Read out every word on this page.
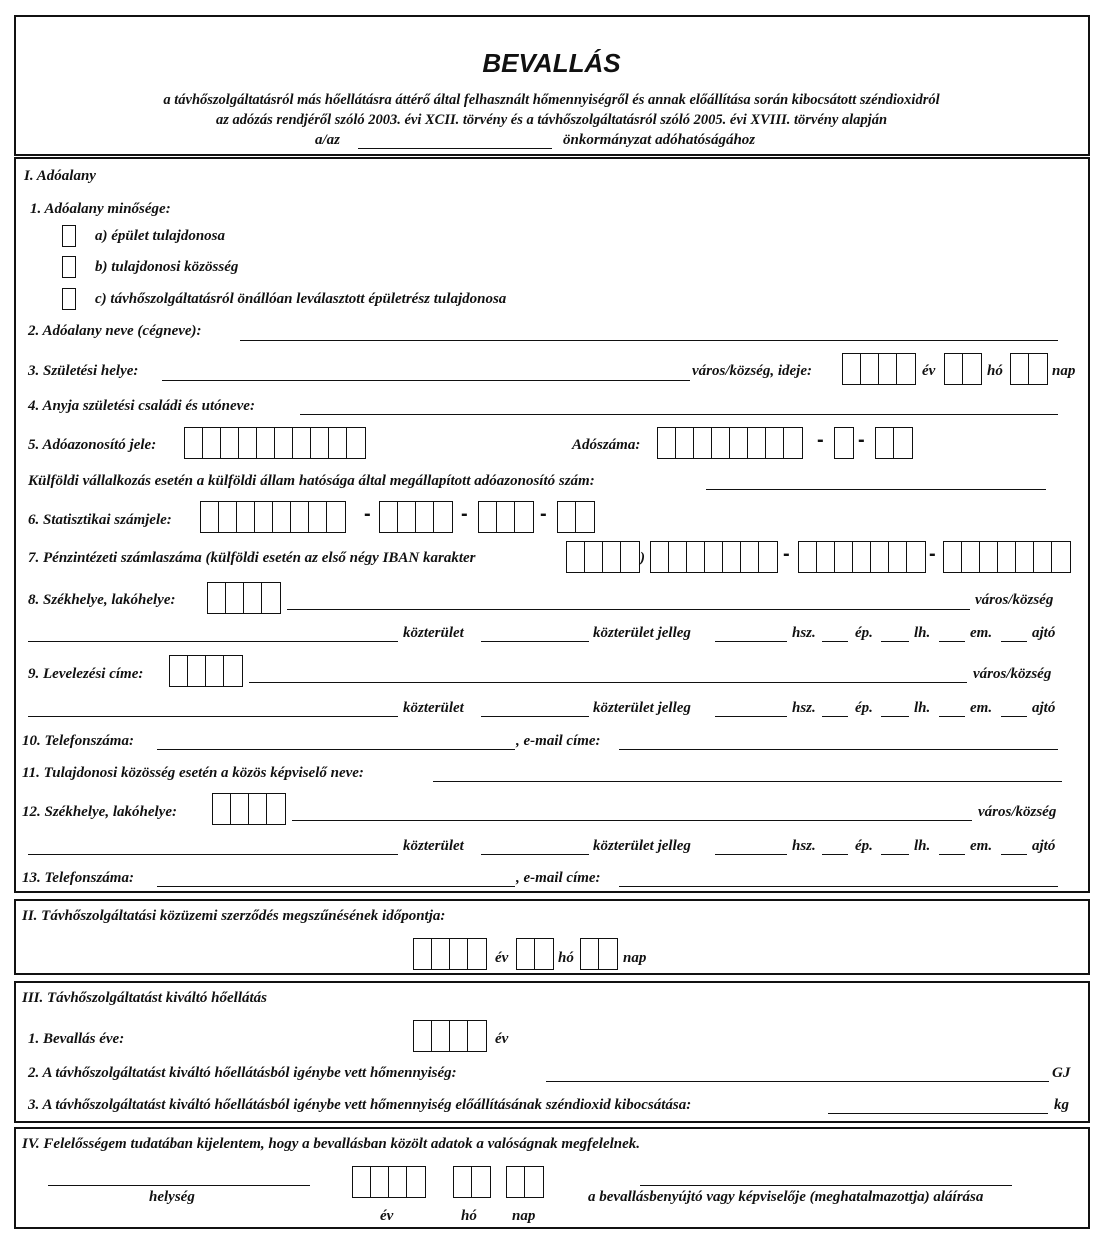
BEVALLÁS
a távhőszolgáltatásról más hőellátásra áttérő által felhasznált hőmennyiségről és annak előállítása során kibocsátott széndioxidról
az adózás rendjéről szóló 2003. évi XCII. törvény és a távhőszolgáltatásról szóló 2005. évi XVIII. törvény alapján
a/az	önkormányzat adóhatóságához
I. Adóalany
1. Adóalany minősége:
a) épület tulajdonosa
b) tulajdonosi közösség
c) távhőszolgáltatásról önállóan leválasztott épületrész tulajdonosa
2. Adóalany neve (cégneve):
3. Születési helye:	város/község, ideje:	év	hó	nap
4. Anyja születési családi és utóneve:
5. Adóazonosító jele:	Adószáma:	- -
Külföldi vállalkozás esetén a külföldi állam hatósága által megállapított adóazonosító szám:
6. Statisztikai számjele:	-	-	-
7. Pénzintézeti számlaszáma (külföldi esetén az első négy IBAN karakter	)	-	-
8. Székhelye, lakóhelye:	város/község
közterület	közterület jelleg	hsz.	ép.	lh.	em.	ajtó
9. Levelezési címe:	város/község
közterület	közterület jelleg	hsz.	ép.	lh.	em.	ajtó
10. Telefonszáma:	, e-mail címe:
11. Tulajdonosi közösség esetén a közös képviselő neve:
12. Székhelye, lakóhelye:	város/község
közterület	közterület jelleg	hsz.	ép.	lh.	em.	ajtó
13. Telefonszáma:	, e-mail címe:
II. Távhőszolgáltatási közüzemi szerződés megszűnésének időpontja:
év	hó	nap
III. Távhőszolgáltatást kiváltó hőellátás
1. Bevallás éve:	év
2. A távhőszolgáltatást kiváltó hőellátásból igénybe vett hőmennyiség:	GJ
3. A távhőszolgáltatást kiváltó hőellátásból igénybe vett hőmennyiség előállításának széndioxid kibocsátása:	kg
IV. Felelősségem tudatában kijelentem, hogy a bevallásban közölt adatok a valóságnak megfelelnek.
helység
év	hó nap
a bevallásbenyújtó vagy képviselője (meghatalmazottja) aláírása
